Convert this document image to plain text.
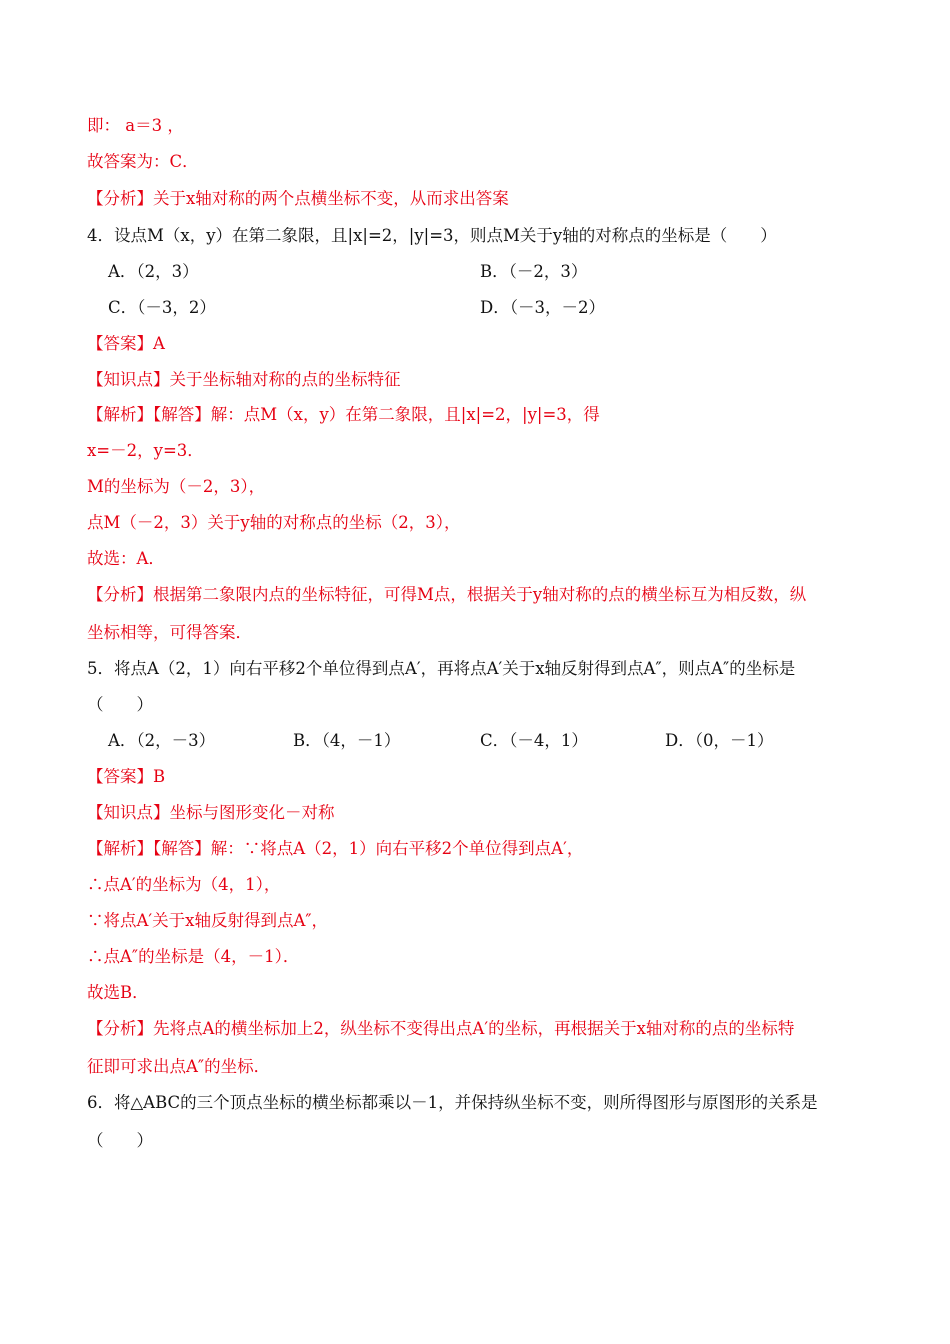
即： a＝3 ，
故答案为：C．
【分析】关于x轴对称的两个点横坐标不变，从而求出答案
4．设点M（x，y）在第二象限，且|x|=2，|y|=3，则点M关于y轴的对称点的坐标是（　　）
A．（2，3）	B．（－2，3）
C．（－3，2）	D．（－3，－2）
【答案】A
【知识点】关于坐标轴对称的点的坐标特征
【解析】【解答】解：点M（x，y）在第二象限，且|x|=2，|y|=3，得
x=－2，y=3．
M的坐标为（－2，3），
点M（－2，3）关于y轴的对称点的坐标（2，3），
故选：A．
【分析】根据第二象限内点的坐标特征，可得M点，根据关于y轴对称的点的横坐标互为相反数，纵
坐标相等，可得答案．
5．将点A（2，1）向右平移2个单位得到点A′，再将点A′关于x轴反射得到点A″，则点A″的坐标是
（　　）
A．（2，－3）	B．（4，－1）	C．（－4，1）	D．（0，－1）
【答案】B
【知识点】坐标与图形变化－对称
【解析】【解答】解：∵将点A（2，1）向右平移2个单位得到点A′，
∴点A′的坐标为（4，1），
∵将点A′关于x轴反射得到点A″，
∴点A″的坐标是（4，－1）．
故选B．
【分析】先将点A的横坐标加上2，纵坐标不变得出点A′的坐标，再根据关于x轴对称的点的坐标特
征即可求出点A″的坐标．
6．将△ABC的三个顶点坐标的横坐标都乘以－1，并保持纵坐标不变，则所得图形与原图形的关系是
（　　）
